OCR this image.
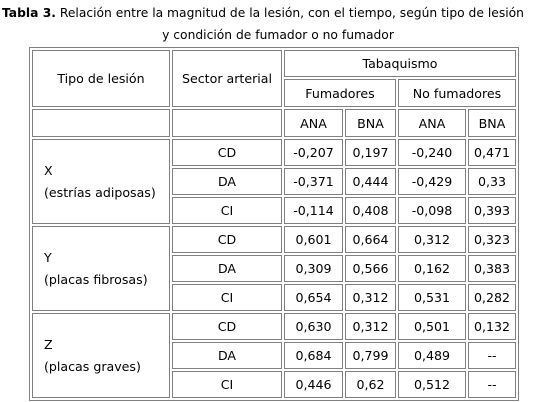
Tabla 3. Relación entre la magnitud de la lesión, con el tiempo, según tipo de lesión
y condición de fumador o no fumador
Tipo de lesión	Sector arterial	Tabaquismo			
		Fumadores		No fumadores	
		ANA	BNA	ANA	BNA

X
(estrías adiposas)	CD	-0,207	0,197	-0,240	0,471
	DA	-0,371	0,444	-0,429	0,33
	CI	-0,114	0,408	-0,098	0,393

Y
(placas fibrosas)	CD	0,601	0,664	0,312	0,323
	DA	0,309	0,566	0,162	0,383
	CI	0,654	0,312	0,531	0,282

Z
(placas graves)	CD	0,630	0,312	0,501	0,132
	DA	0,684	0,799	0,489	--
	CI	0,446	0,62	0,512	--
